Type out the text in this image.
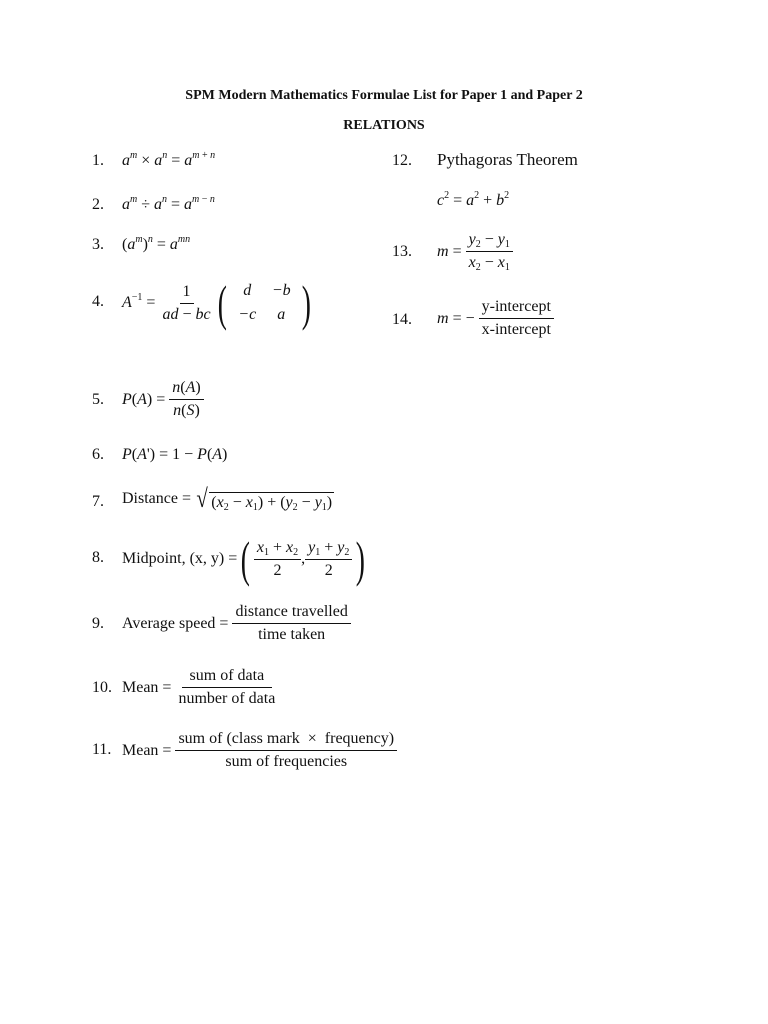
SPM Modern Mathematics Formulae List for Paper 1 and Paper 2
RELATIONS
1. $a^m \times a^n = a^{m + n}$
2. $a^m \div a^n = a^{m - n}$
3. $(a^m)^n = a^{mn}$
4. $A^{-1} = \frac{1}{ad - bc}$ (	d	−b
−c	a )
5. $P(A) = \frac{n(A)}{n(S)}$
6. P(A') = 1 − P(A)
7. Distance =
√ $(x_2 - x_1) + (y_2 - y_1)$
8. Midpoint, (x, y) = ( $\frac{x_1 + x_2}{2}$ , $\frac{y_1 + y_2}{2}$ )
9. Average speed =
$\frac{\text{distance travelled}}{\text{time taken}}$
10. Mean =
$\frac{\text{sum of data}}{\text{number of data}}$
11. Mean =
$\frac{\text{sum of (class mark  ×  frequency)}}{\text{sum of frequencies}}$
12. Pythagoras Theorem
$c^2 = a^2 + b^2$
13. $m = \frac{y_2 - y_1}{x_2 - x_1}$
14. m = − $\frac{\text{y-intercept}}{\text{x-intercept}}$
